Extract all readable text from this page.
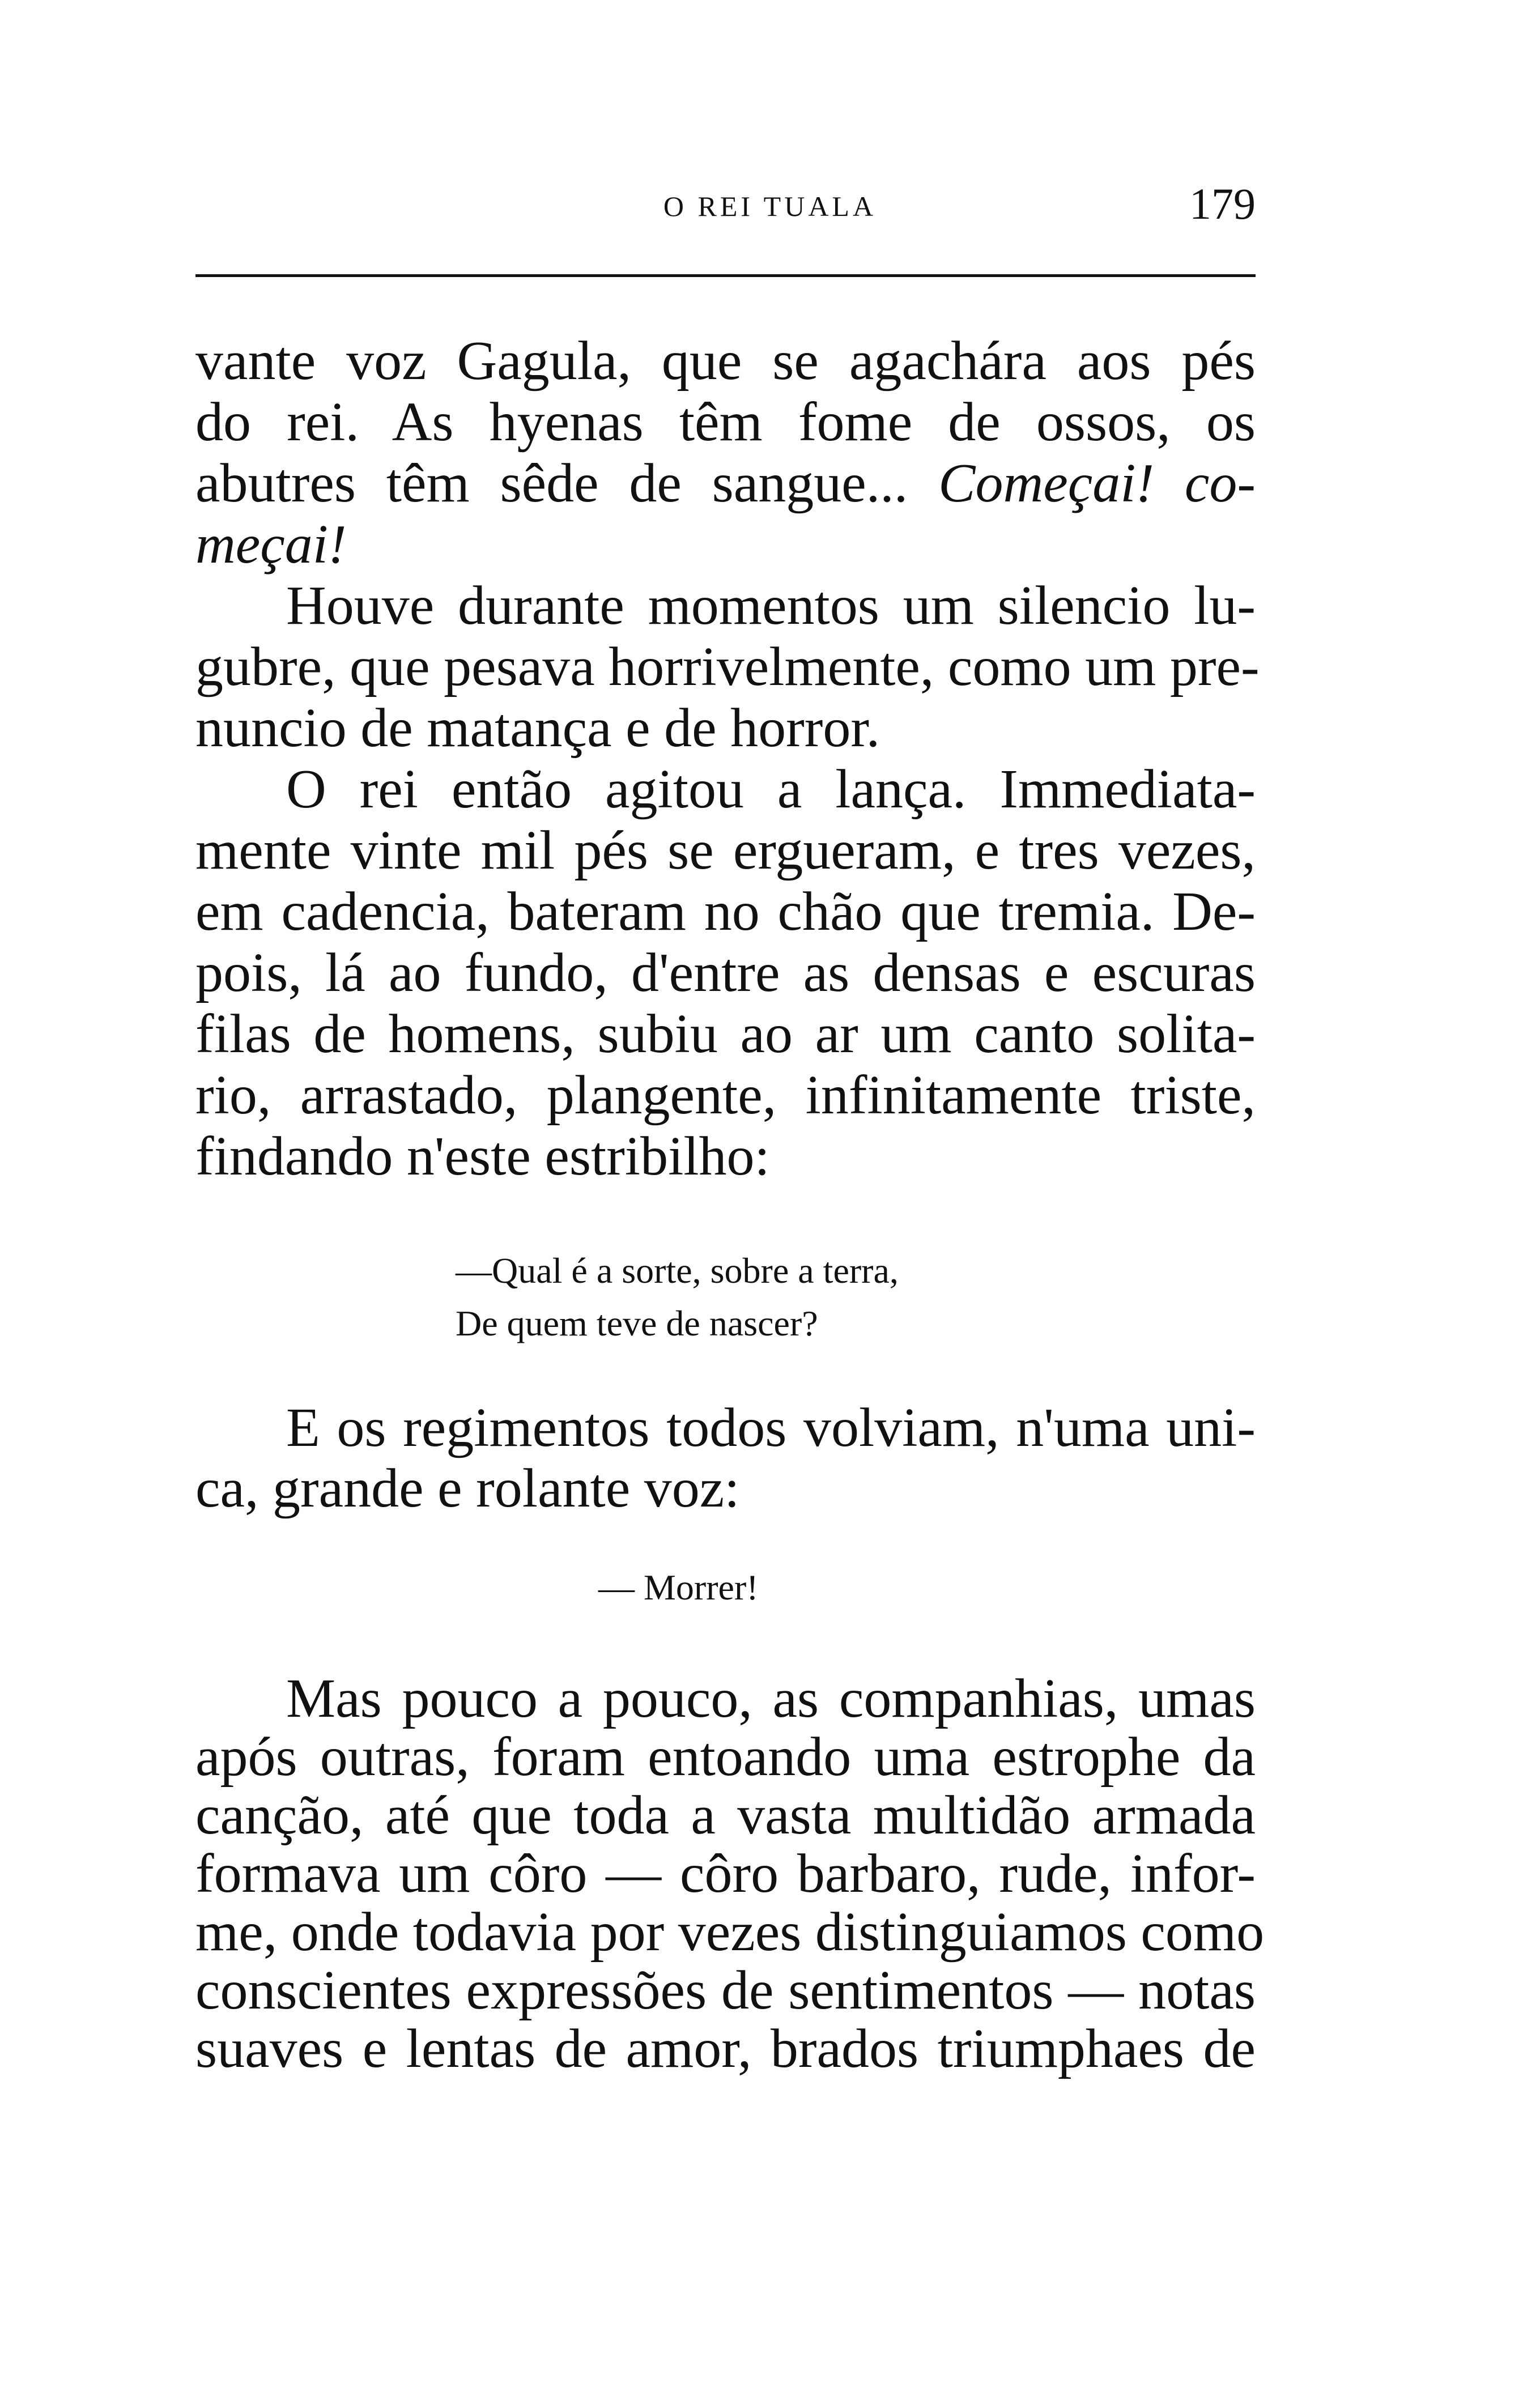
O REI TUALA	179
vante voz Gagula, que se agachára aos pés
do rei. As hyenas têm fome de ossos, os
abutres têm sêde de sangue... Começai! co-
meçai!
Houve durante momentos um silencio lu-
gubre, que pesava horrivelmente, como um pre-
nuncio de matança e de horror.
O rei então agitou a lança. Immediata-
mente vinte mil pés se ergueram, e tres vezes,
em cadencia, bateram no chão que tremia. De-
pois, lá ao fundo, d'entre as densas e escuras
filas de homens, subiu ao ar um canto solita-
rio, arrastado, plangente, infinitamente triste,
findando n'este estribilho:
—Qual é a sorte, sobre a terra,
De quem teve de nascer?
E os regimentos todos volviam, n'uma uni-
ca, grande e rolante voz:
— Morrer!
Mas pouco a pouco, as companhias, umas
após outras, foram entoando uma estrophe da
canção, até que toda a vasta multidão armada
formava um côro — côro barbaro, rude, infor-
me, onde todavia por vezes distinguiamos como
conscientes expressões de sentimentos — notas
suaves e lentas de amor, brados triumphaes de
